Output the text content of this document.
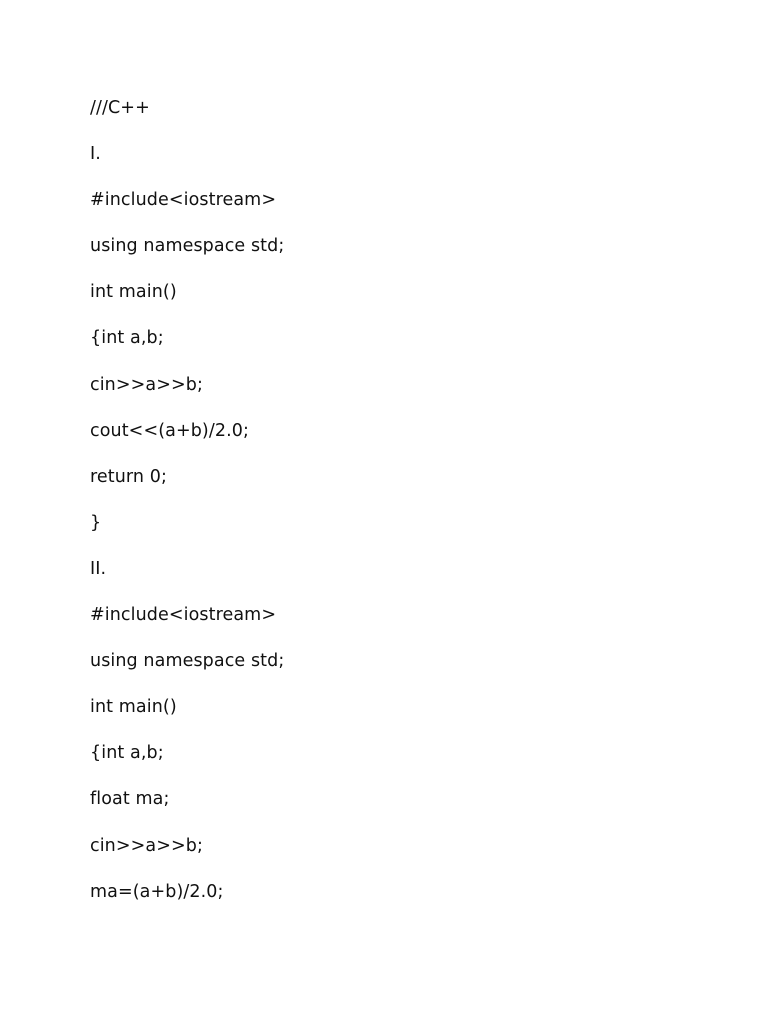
///C++
I.
#include<iostream>
using namespace std;
int main()
{int a,b;
cin>>a>>b;
cout<<(a+b)/2.0;
return 0;
}
II.
#include<iostream>
using namespace std;
int main()
{int a,b;
float ma;
cin>>a>>b;
ma=(a+b)/2.0;
